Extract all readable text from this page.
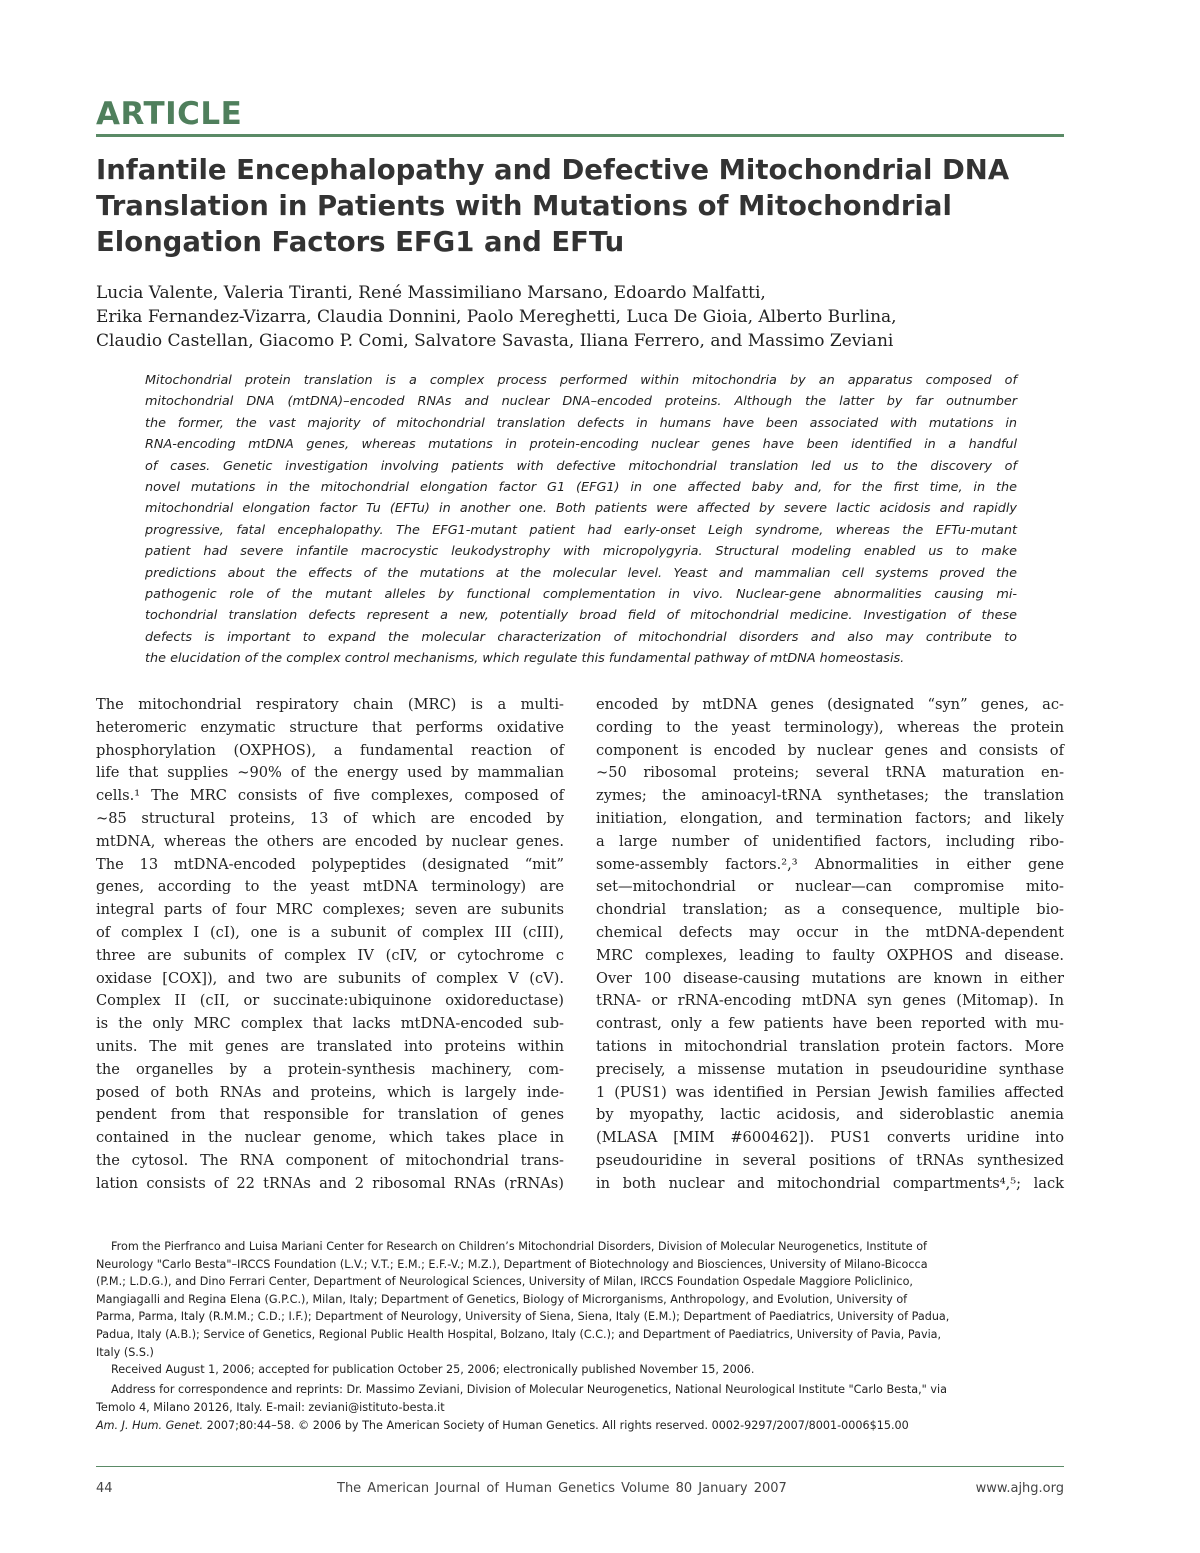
ARTICLE
Infantile Encephalopathy and Defective Mitochondrial DNA
Translation in Patients with Mutations of Mitochondrial
Elongation Factors EFG1 and EFTu
Lucia Valente, Valeria Tiranti, René Massimiliano Marsano, Edoardo Malfatti,
Erika Fernandez-Vizarra, Claudia Donnini, Paolo Mereghetti, Luca De Gioia, Alberto Burlina,
Claudio Castellan, Giacomo P. Comi, Salvatore Savasta, Iliana Ferrero, and Massimo Zeviani
Mitochondrial protein translation is a complex process performed within mitochondria by an apparatus composed of
mitochondrial DNA (mtDNA)–encoded RNAs and nuclear DNA–encoded proteins. Although the latter by far outnumber
the former, the vast majority of mitochondrial translation defects in humans have been associated with mutations in
RNA-encoding mtDNA genes, whereas mutations in protein-encoding nuclear genes have been identified in a handful
of cases. Genetic investigation involving patients with defective mitochondrial translation led us to the discovery of
novel mutations in the mitochondrial elongation factor G1 (EFG1) in one affected baby and, for the first time, in the
mitochondrial elongation factor Tu (EFTu) in another one. Both patients were affected by severe lactic acidosis and rapidly
progressive, fatal encephalopathy. The EFG1-mutant patient had early-onset Leigh syndrome, whereas the EFTu-mutant
patient had severe infantile macrocystic leukodystrophy with micropolygyria. Structural modeling enabled us to make
predictions about the effects of the mutations at the molecular level. Yeast and mammalian cell systems proved the
pathogenic role of the mutant alleles by functional complementation in vivo. Nuclear-gene abnormalities causing mi-
tochondrial translation defects represent a new, potentially broad field of mitochondrial medicine. Investigation of these
defects is important to expand the molecular characterization of mitochondrial disorders and also may contribute to
the elucidation of the complex control mechanisms, which regulate this fundamental pathway of mtDNA homeostasis.
The mitochondrial respiratory chain (MRC) is a multi-
heteromeric enzymatic structure that performs oxidative
phosphorylation (OXPHOS), a fundamental reaction of
life that supplies ~90% of the energy used by mammalian
cells.¹ The MRC consists of five complexes, composed of
~85 structural proteins, 13 of which are encoded by
mtDNA, whereas the others are encoded by nuclear genes.
The 13 mtDNA-encoded polypeptides (designated “mit”
genes, according to the yeast mtDNA terminology) are
integral parts of four MRC complexes; seven are subunits
of complex I (cI), one is a subunit of complex III (cIII),
three are subunits of complex IV (cIV, or cytochrome c
oxidase [COX]), and two are subunits of complex V (cV).
Complex II (cII, or succinate:ubiquinone oxidoreductase)
is the only MRC complex that lacks mtDNA-encoded sub-
units. The mit genes are translated into proteins within
the organelles by a protein-synthesis machinery, com-
posed of both RNAs and proteins, which is largely inde-
pendent from that responsible for translation of genes
contained in the nuclear genome, which takes place in
the cytosol. The RNA component of mitochondrial trans-
lation consists of 22 tRNAs and 2 ribosomal RNAs (rRNAs)
encoded by mtDNA genes (designated “syn” genes, ac-
cording to the yeast terminology), whereas the protein
component is encoded by nuclear genes and consists of
~50 ribosomal proteins; several tRNA maturation en-
zymes; the aminoacyl-tRNA synthetases; the translation
initiation, elongation, and termination factors; and likely
a large number of unidentified factors, including ribo-
some-assembly factors.²,³ Abnormalities in either gene
set—mitochondrial or nuclear—can compromise mito-
chondrial translation; as a consequence, multiple bio-
chemical defects may occur in the mtDNA-dependent
MRC complexes, leading to faulty OXPHOS and disease.
Over 100 disease-causing mutations are known in either
tRNA- or rRNA-encoding mtDNA syn genes (Mitomap). In
contrast, only a few patients have been reported with mu-
tations in mitochondrial translation protein factors. More
precisely, a missense mutation in pseudouridine synthase
1 (PUS1) was identified in Persian Jewish families affected
by myopathy, lactic acidosis, and sideroblastic anemia
(MLASA [MIM #600462]). PUS1 converts uridine into
pseudouridine in several positions of tRNAs synthesized
in both nuclear and mitochondrial compartments⁴,⁵; lack
From the Pierfranco and Luisa Mariani Center for Research on Children’s Mitochondrial Disorders, Division of Molecular Neurogenetics, Institute of
Neurology "Carlo Besta"–IRCCS Foundation (L.V.; V.T.; E.M.; E.F.-V.; M.Z.), Department of Biotechnology and Biosciences, University of Milano-Bicocca
(P.M.; L.D.G.), and Dino Ferrari Center, Department of Neurological Sciences, University of Milan, IRCCS Foundation Ospedale Maggiore Policlinico,
Mangiagalli and Regina Elena (G.P.C.), Milan, Italy; Department of Genetics, Biology of Microrganisms, Anthropology, and Evolution, University of
Parma, Parma, Italy (R.M.M.; C.D.; I.F.); Department of Neurology, University of Siena, Siena, Italy (E.M.); Department of Paediatrics, University of Padua,
Padua, Italy (A.B.); Service of Genetics, Regional Public Health Hospital, Bolzano, Italy (C.C.); and Department of Paediatrics, University of Pavia, Pavia,
Italy (S.S.)
Received August 1, 2006; accepted for publication October 25, 2006; electronically published November 15, 2006.
Address for correspondence and reprints: Dr. Massimo Zeviani, Division of Molecular Neurogenetics, National Neurological Institute "Carlo Besta," via
Temolo 4, Milano 20126, Italy. E-mail: zeviani@istituto-besta.it
Am. J. Hum. Genet. 2007;80:44–58. © 2006 by The American Society of Human Genetics. All rights reserved. 0002-9297/2007/8001-0006$15.00
44	The American Journal of Human Genetics Volume 80 January 2007	www.ajhg.org
